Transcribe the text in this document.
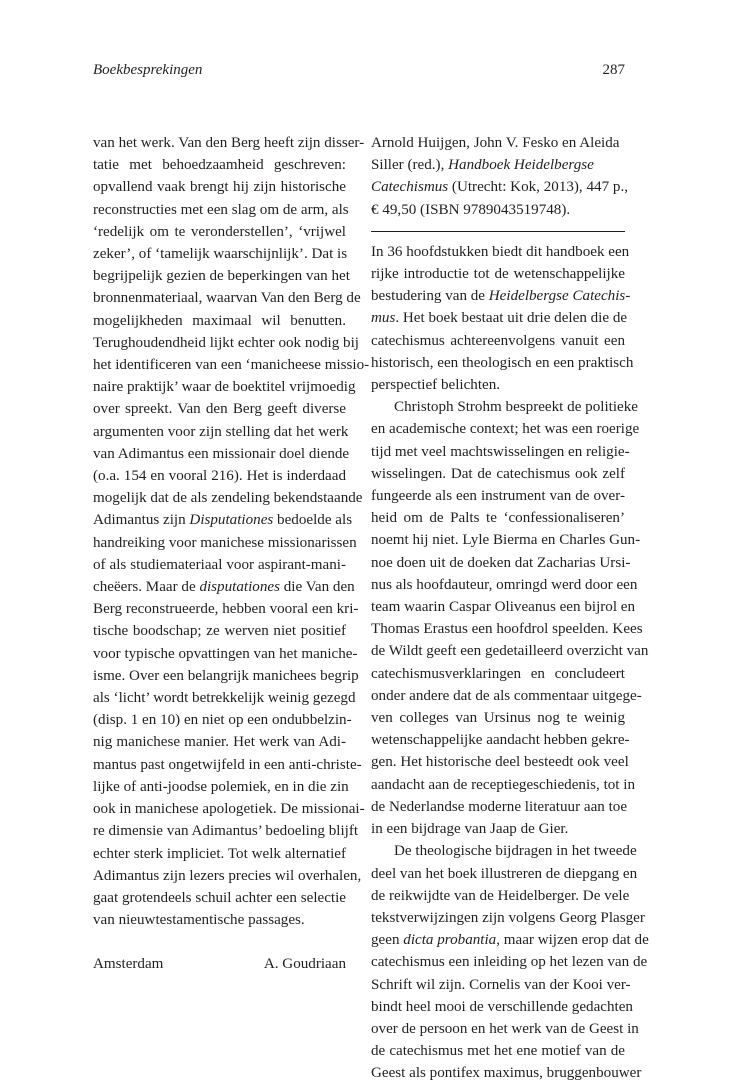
Boekbesprekingen	287
van het werk. Van den Berg heeft zijn disser-
tatie met behoedzaamheid geschreven:
opvallend vaak brengt hij zijn historische
reconstructies met een slag om de arm, als
‘redelijk om te veronderstellen’, ‘vrijwel
zeker’, of ‘tamelijk waarschijnlijk’. Dat is
begrijpelijk gezien de beperkingen van het
bronnenmateriaal, waarvan Van den Berg de
mogelijkheden maximaal wil benutten.
Terughoudendheid lijkt echter ook nodig bij
het identificeren van een ‘manicheese missio-
naire praktijk’ waar de boektitel vrijmoedig
over spreekt. Van den Berg geeft diverse
argumenten voor zijn stelling dat het werk
van Adimantus een missionair doel diende
(o.a. 154 en vooral 216). Het is inderdaad
mogelijk dat de als zendeling bekendstaande
Adimantus zijn Disputationes bedoelde als
handreiking voor manichese missionarissen
of als studiemateriaal voor aspirant-mani-
cheëers. Maar de disputationes die Van den
Berg reconstrueerde, hebben vooral een kri-
tische boodschap; ze werven niet positief
voor typische opvattingen van het maniche-
isme. Over een belangrijk manichees begrip
als ‘licht’ wordt betrekkelijk weinig gezegd
(disp. 1 en 10) en niet op een ondubbelzin-
nig manichese manier. Het werk van Adi-
mantus past ongetwijfeld in een anti-christe-
lijke of anti-joodse polemiek, en in die zin
ook in manichese apologetiek. De missionai-
re dimensie van Adimantus’ bedoeling blijft
echter sterk impliciet. Tot welk alternatief
Adimantus zijn lezers precies wil overhalen,
gaat grotendeels schuil achter een selectie
van nieuwtestamentische passages.
Amsterdam	A. Goudriaan
Arnold Huijgen, John V. Fesko en Aleida
Siller (red.), Handboek Heidelbergse
Catechismus (Utrecht: Kok, 2013), 447 p.,
€ 49,50 (ISBN 9789043519748).
In 36 hoofdstukken biedt dit handboek een
rijke introductie tot de wetenschappelijke
bestudering van de Heidelbergse Catechis-
mus. Het boek bestaat uit drie delen die de
catechismus achtereenvolgens vanuit een
historisch, een theologisch en een praktisch
perspectief belichten.
Christoph Strohm bespreekt de politieke
en academische context; het was een roerige
tijd met veel machtswisselingen en religie-
wisselingen. Dat de catechismus ook zelf
fungeerde als een instrument van de over-
heid om de Palts te ‘confessionaliseren’
noemt hij niet. Lyle Bierma en Charles Gun-
noe doen uit de doeken dat Zacharias Ursi-
nus als hoofdauteur, omringd werd door een
team waarin Caspar Oliveanus een bijrol en
Thomas Erastus een hoofdrol speelden. Kees
de Wildt geeft een gedetailleerd overzicht van
catechismusverklaringen en concludeert
onder andere dat de als commentaar uitgege-
ven colleges van Ursinus nog te weinig
wetenschappelijke aandacht hebben gekre-
gen. Het historische deel besteedt ook veel
aandacht aan de receptiegeschiedenis, tot in
de Nederlandse moderne literatuur aan toe
in een bijdrage van Jaap de Gier.
De theologische bijdragen in het tweede
deel van het boek illustreren de diepgang en
de reikwijdte van de Heidelberger. De vele
tekstverwijzingen zijn volgens Georg Plasger
geen dicta probantia, maar wijzen erop dat de
catechismus een inleiding op het lezen van de
Schrift wil zijn. Cornelis van der Kooi ver-
bindt heel mooi de verschillende gedachten
over de persoon en het werk van de Geest in
de catechismus met het ene motief van de
Geest als pontifex maximus, bruggenbouwer
